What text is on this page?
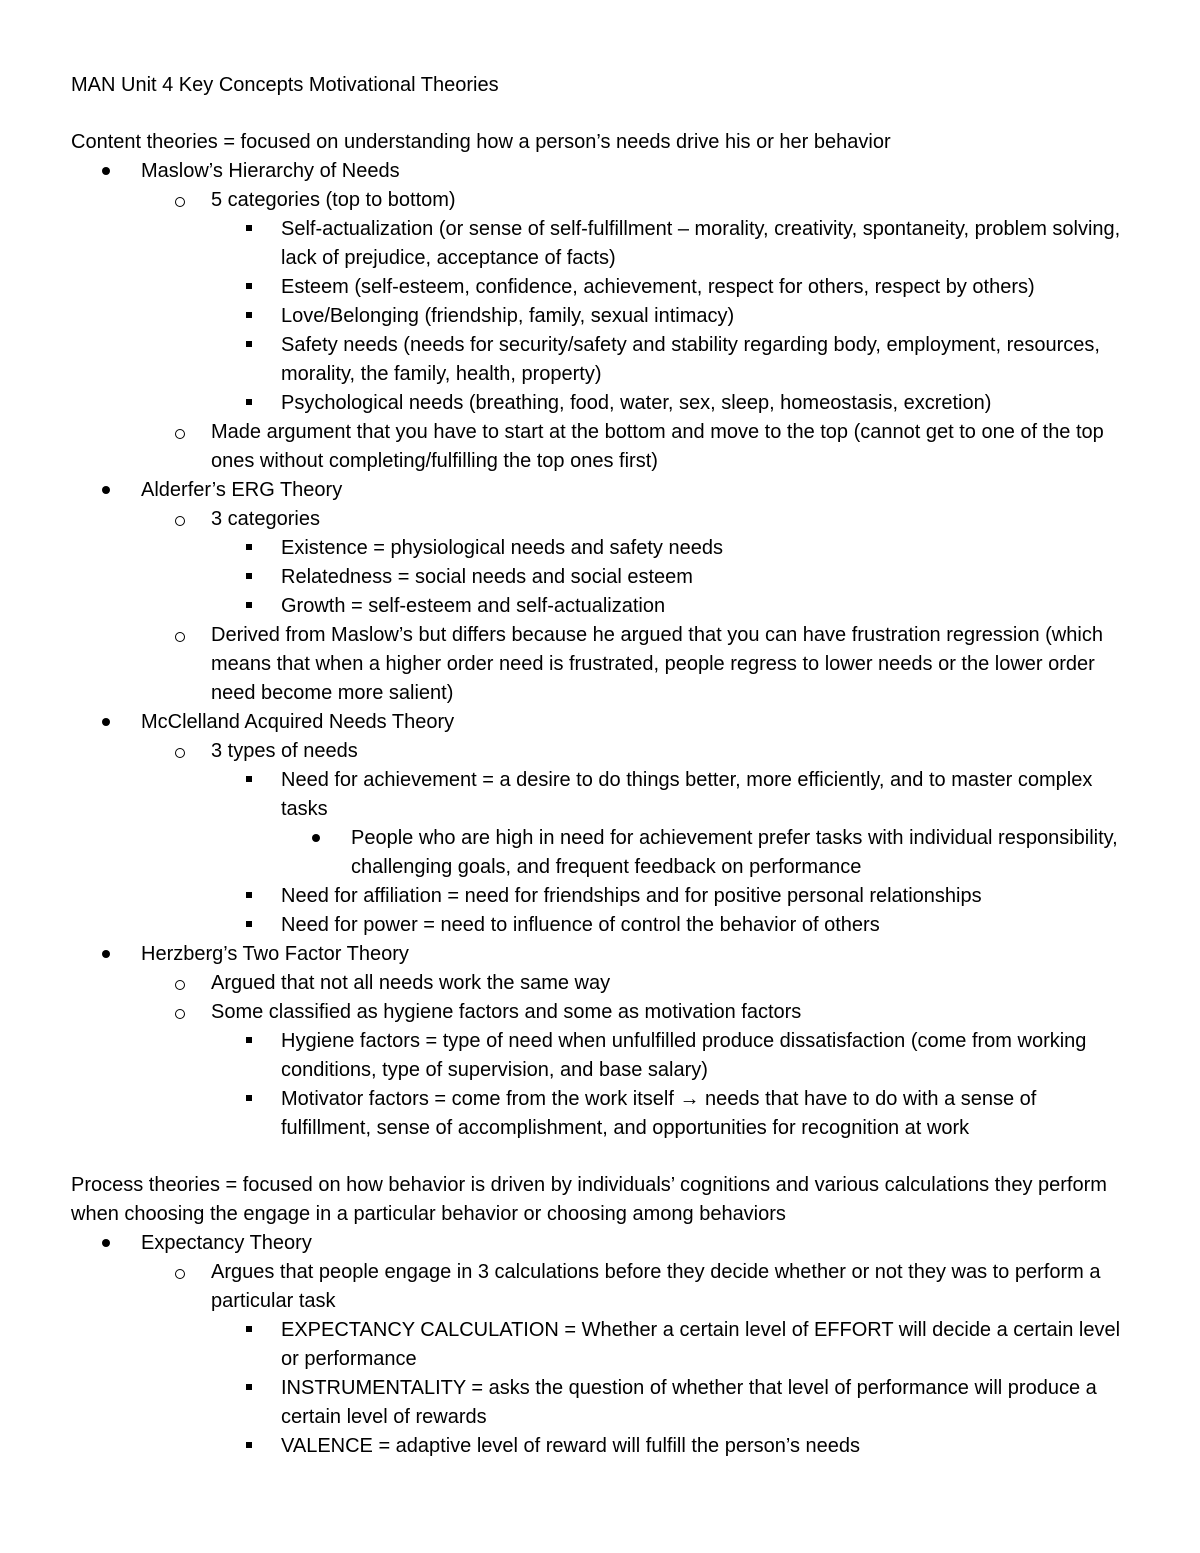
MAN Unit 4 Key Concepts Motivational Theories
Content theories = focused on understanding how a person’s needs drive his or her behavior
Maslow’s Hierarchy of Needs
5 categories (top to bottom)
Self-actualization (or sense of self-fulfillment – morality, creativity, spontaneity, problem solving, lack of prejudice, acceptance of facts)
Esteem (self-esteem, confidence, achievement, respect for others, respect by others)
Love/Belonging (friendship, family, sexual intimacy)
Safety needs (needs for security/safety and stability regarding body, employment, resources, morality, the family, health, property)
Psychological needs (breathing, food, water, sex, sleep, homeostasis, excretion)
Made argument that you have to start at the bottom and move to the top (cannot get to one of the top ones without completing/fulfilling the top ones first)
Alderfer’s ERG Theory
3 categories
Existence = physiological needs and safety needs
Relatedness = social needs and social esteem
Growth = self-esteem and self-actualization
Derived from Maslow’s but differs because he argued that you can have frustration regression (which means that when a higher order need is frustrated, people regress to lower needs or the lower order need become more salient)
McClelland Acquired Needs Theory
3 types of needs
Need for achievement = a desire to do things better, more efficiently, and to master complex tasks
People who are high in need for achievement prefer tasks with individual responsibility, challenging goals, and frequent feedback on performance
Need for affiliation = need for friendships and for positive personal relationships
Need for power = need to influence of control the behavior of others
Herzberg’s Two Factor Theory
Argued that not all needs work the same way
Some classified as hygiene factors and some as motivation factors
Hygiene factors = type of need when unfulfilled produce dissatisfaction (come from working conditions, type of supervision, and base salary)
Motivator factors = come from the work itself → needs that have to do with a sense of fulfillment, sense of accomplishment, and opportunities for recognition at work
Process theories = focused on how behavior is driven by individuals’ cognitions and various calculations they perform when choosing the engage in a particular behavior or choosing among behaviors
Expectancy Theory
Argues that people engage in 3 calculations before they decide whether or not they was to perform a particular task
EXPECTANCY CALCULATION = Whether a certain level of EFFORT will decide a certain level or performance
INSTRUMENTALITY = asks the question of whether that level of performance will produce a certain level of rewards
VALENCE = adaptive level of reward will fulfill the person’s needs
